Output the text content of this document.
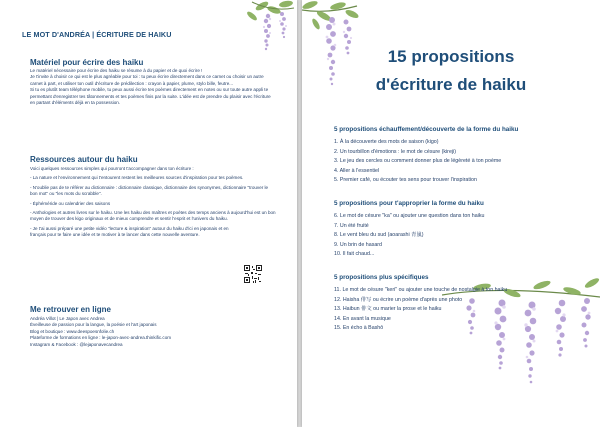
LE MOT D'ANDRÉA | ÉCRITURE DE HAIKU
Matériel pour écrire des haiku

Le matériel nécessaire pour écrire des haiku se résume à du papier et de quoi écrire !

Je t'invite à choisir ce qui est le plus agréable pour toi : tu peux écrire directement dans ce carnet ou choisir un autre carnet à part, et utiliser ton outil d'écriture de prédilection : crayon à papier, plume, stylo bille, feutre...

Si tu es plutôt team téléphone mobile, tu peux aussi écrire tes poèmes directement en notes ou sur toute autre appli te permettant d'enregistrer tes tâtonnements et tes poèmes finis par la suite. L'idée est de prendre du plaisir avec l'écriture en partant d'éléments déjà en ta possession.

Ressources autour du haiku

Voici quelques ressources simples qui pourront t'accompagner dans ton écriture :

- La nature et l'environnement qui t'entourent restent les meilleures sources d'inspiration pour tes poèmes.

- N'oublie pas de te référer au dictionnaire : dictionnaire classique, dictionnaire des synonymes, dictionnaire "trouver le bon mot" ou "les mots du scrabble".

- Éphéméride ou calendrier des saisons

- Anthologies et autres livres sur le haiku. Une les haiku des maîtres et poètes des temps anciens à aujourd'hui est un bon moyen de trouver des kigo originaux et de mieux comprendre et sentir l'esprit et l'univers du haiku.

- Je t'ai aussi préparé une petite vidéo "lecture & inspiration" autour du haiku d'ici en japonais et en français pour te faire une idée et te motiver à te lancer dans cette nouvelle aventure.

Me retrouver en ligne

Andréa Villot | Le Japon avec Andrea

Éveilleuse de passion pour la langue, la poésie et l'art japonais

Blog et boutique : www.deespoesnfolie.ch

Plateforme de formations en ligne : le-japon-avec-andrea.thinkific.com

Instagram & Facebook : @lejaponavecandrea

15 propositions
d'écriture de haiku
5 propositions échauffement/découverte de la forme du haiku
1. À la découverte des mots de saison (kigo)
2. Un tourbillon d'émotions : le mot de césure (kireji)
3. Le jeu des cercles ou comment donner plus de légèreté à ton poème
4. Aller à l'essentiel
5. Premier café, ou écouter tes sens pour trouver l'inspiration
5 propositions pour t'approprier la forme du haiku
6. Le mot de césure "ka" ou ajouter une question dans ton haiku
7. Un été fruité
8. Le vent bleu du sud (aoarashi 青嵐)
9. Un brin de hasard
10. Il fait chaud...
5 propositions plus spécifiques
11. Le mot de césure "keri" ou ajouter une touche de nostalgie à ton haiku
12. Haisha 俳写 ou écrire un poème d'après une photo
13. Haibun 俳文 ou marier la prose et le haiku
14. En avant la musique
15. En écho à Bashō
